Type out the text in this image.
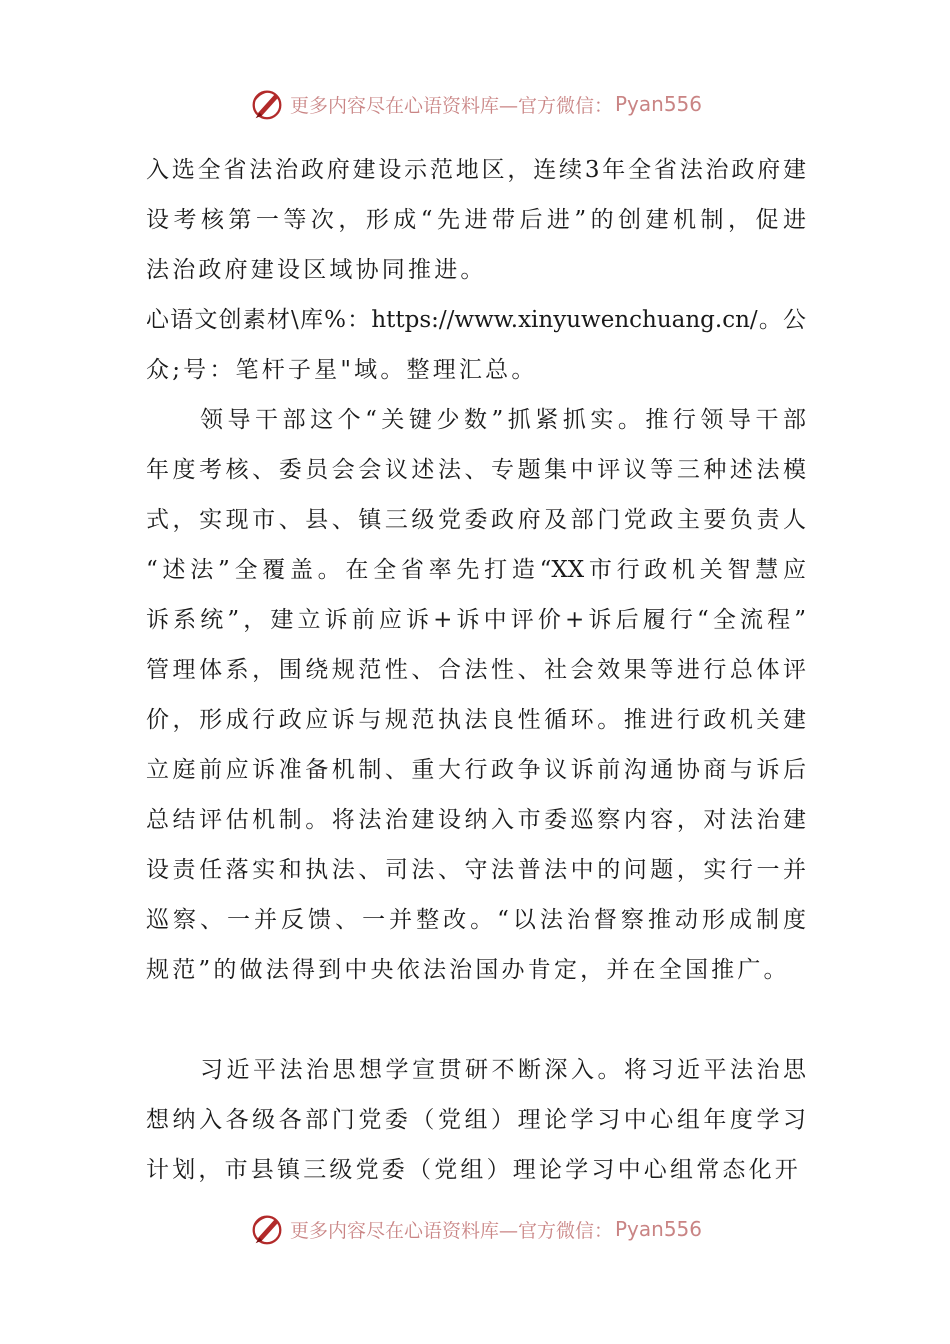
更多内容尽在心语资料库—官方微信： Pyan556
入选全省法治政府建设示范地区，连续3年全省法治政府建
设考核第一等次，形成“先进带后进”的创建机制，促进
法治政府建设区域协同推进。
心语文创素材\库%：https://www.xinyuwenchuang.cn/。公
众;号：笔杆子星"域。整理汇总。
领导干部这个“关键少数”抓紧抓实。推行领导干部
年度考核、委员会会议述法、专题集中评议等三种述法模
式，实现市、县、镇三级党委政府及部门党政主要负责人
“述法”全覆盖。在全省率先打造“XX市行政机关智慧应
诉系统”，建立诉前应诉+诉中评价+诉后履行“全流程”
管理体系，围绕规范性、合法性、社会效果等进行总体评
价，形成行政应诉与规范执法良性循环。推进行政机关建
立庭前应诉准备机制、重大行政争议诉前沟通协商与诉后
总结评估机制。将法治建设纳入市委巡察内容，对法治建
设责任落实和执法、司法、守法普法中的问题，实行一并
巡察、一并反馈、一并整改。“以法治督察推动形成制度
规范”的做法得到中央依法治国办肯定，并在全国推广。
习近平法治思想学宣贯研不断深入。将习近平法治思
想纳入各级各部门党委（党组）理论学习中心组年度学习
计划，市县镇三级党委（党组）理论学习中心组常态化开
更多内容尽在心语资料库—官方微信： Pyan556
